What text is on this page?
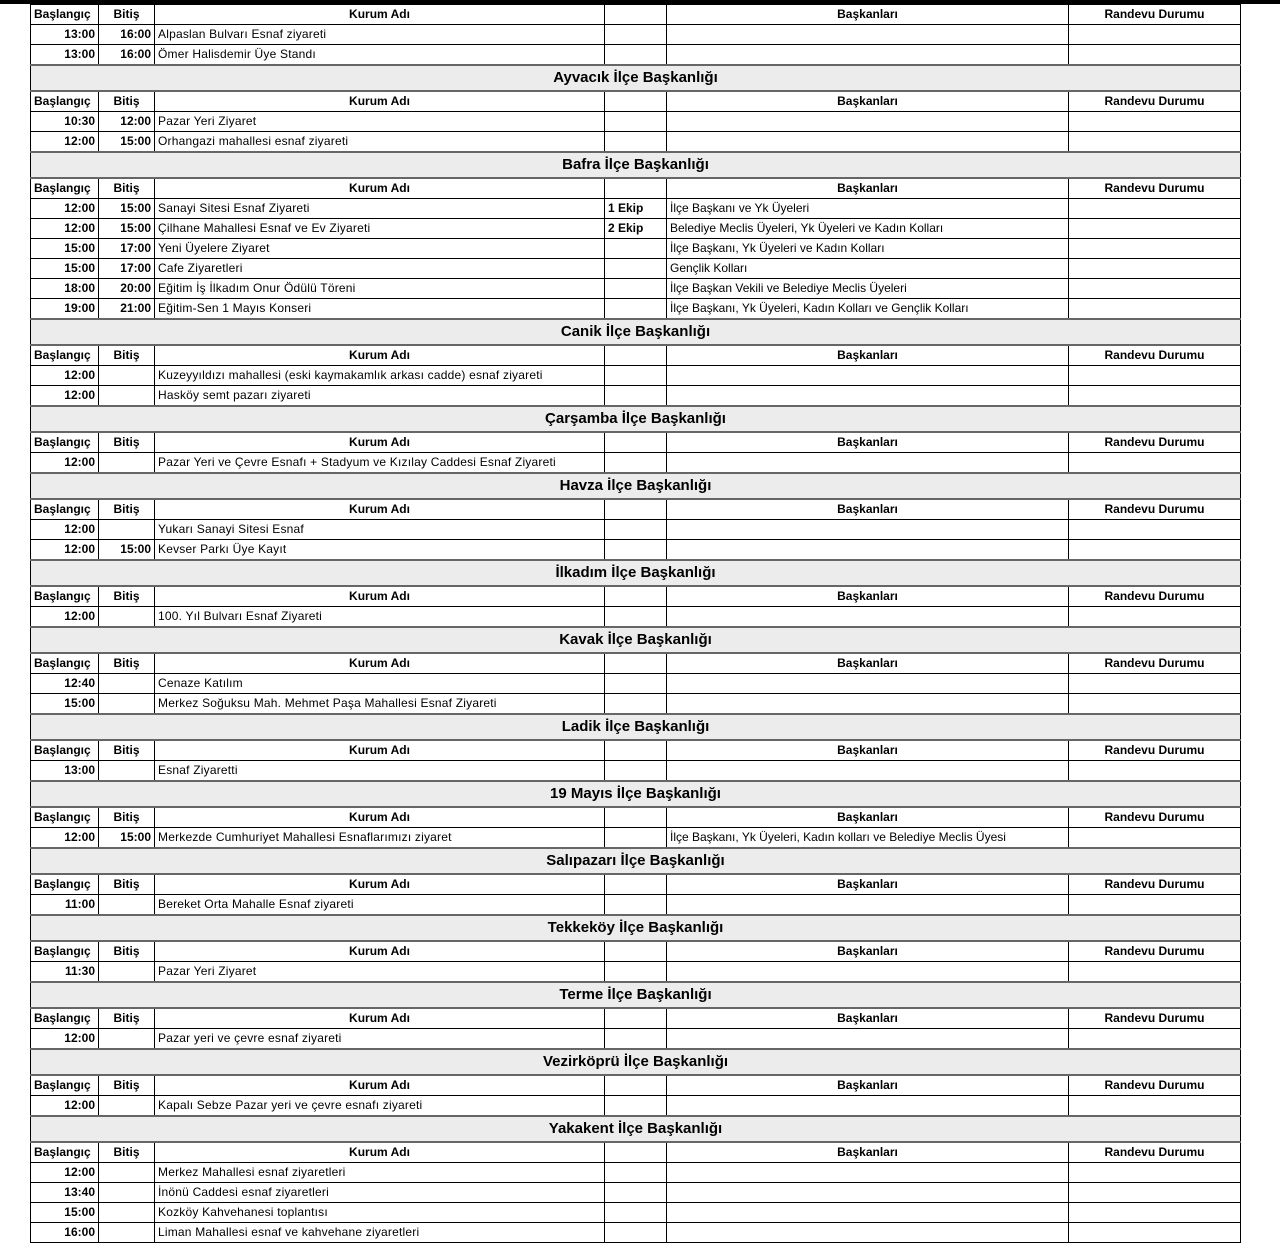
Başlangıç	Bitiş	Kurum Adı		Başkanları	Randevu Durumu
13:00	16:00	Alpaslan Bulvarı Esnaf ziyareti			
13:00	16:00	Ömer Halisdemir Üye Standı			
Ayvacık İlçe Başkanlığı					
Başlangıç	Bitiş	Kurum Adı		Başkanları	Randevu Durumu
10:30	12:00	Pazar Yeri Ziyaret			
12:00	15:00	Orhangazi mahallesi esnaf ziyareti			
Bafra İlçe Başkanlığı					
Başlangıç	Bitiş	Kurum Adı		Başkanları	Randevu Durumu
12:00	15:00	Sanayi Sitesi Esnaf Ziyareti	1 Ekip	İlçe Başkanı ve Yk Üyeleri	
12:00	15:00	Çilhane Mahallesi Esnaf ve Ev Ziyareti	2 Ekip	Belediye Meclis Üyeleri, Yk Üyeleri ve Kadın Kolları	
15:00	17:00	Yeni Üyelere Ziyaret		İlçe Başkanı, Yk Üyeleri ve Kadın Kolları	
15:00	17:00	Cafe Ziyaretleri		Gençlik Kolları	
18:00	20:00	Eğitim İş İlkadım Onur Ödülü Töreni		İlçe Başkan Vekili ve Belediye Meclis Üyeleri	
19:00	21:00	Eğitim-Sen 1 Mayıs Konseri		İlçe Başkanı, Yk Üyeleri, Kadın Kolları ve Gençlik Kolları	
Canik İlçe Başkanlığı					
Başlangıç	Bitiş	Kurum Adı		Başkanları	Randevu Durumu
12:00		Kuzeyyıldızı mahallesi (eski kaymakamlık arkası cadde) esnaf ziyareti			
12:00		Hasköy semt pazarı ziyareti			
Çarşamba İlçe Başkanlığı					
Başlangıç	Bitiş	Kurum Adı		Başkanları	Randevu Durumu
12:00		Pazar Yeri ve Çevre Esnafı + Stadyum ve Kızılay Caddesi Esnaf Ziyareti			
Havza İlçe Başkanlığı					
Başlangıç	Bitiş	Kurum Adı		Başkanları	Randevu Durumu
12:00		Yukarı Sanayi Sitesi Esnaf			
12:00	15:00	Kevser Parkı Üye Kayıt			
İlkadım İlçe Başkanlığı					
Başlangıç	Bitiş	Kurum Adı		Başkanları	Randevu Durumu
12:00		100. Yıl Bulvarı Esnaf Ziyareti			
Kavak İlçe Başkanlığı					
Başlangıç	Bitiş	Kurum Adı		Başkanları	Randevu Durumu
12:40		Cenaze Katılım			
15:00		Merkez Soğuksu Mah. Mehmet Paşa Mahallesi Esnaf Ziyareti			
Ladik İlçe Başkanlığı					
Başlangıç	Bitiş	Kurum Adı		Başkanları	Randevu Durumu
13:00		Esnaf Ziyaretti			
19 Mayıs İlçe Başkanlığı					
Başlangıç	Bitiş	Kurum Adı		Başkanları	Randevu Durumu
12:00	15:00	Merkezde Cumhuriyet Mahallesi Esnaflarımızı ziyaret		İlçe Başkanı, Yk Üyeleri, Kadın kolları ve Belediye Meclis Üyesi	
Salıpazarı İlçe Başkanlığı					
Başlangıç	Bitiş	Kurum Adı		Başkanları	Randevu Durumu
11:00		Bereket Orta Mahalle Esnaf ziyareti			
Tekkeköy İlçe Başkanlığı					
Başlangıç	Bitiş	Kurum Adı		Başkanları	Randevu Durumu
11:30		Pazar Yeri Ziyaret			
Terme İlçe Başkanlığı					
Başlangıç	Bitiş	Kurum Adı		Başkanları	Randevu Durumu
12:00		Pazar yeri ve çevre esnaf ziyareti			
Vezirköprü İlçe Başkanlığı					
Başlangıç	Bitiş	Kurum Adı		Başkanları	Randevu Durumu
12:00		Kapalı Sebze Pazar yeri ve çevre esnafı ziyareti			
Yakakent İlçe Başkanlığı					
Başlangıç	Bitiş	Kurum Adı		Başkanları	Randevu Durumu
12:00		Merkez Mahallesi esnaf ziyaretleri			
13:40		İnönü Caddesi esnaf ziyaretleri			
15:00		Kozköy Kahvehanesi toplantısı			
16:00		Liman Mahallesi esnaf ve kahvehane ziyaretleri			
